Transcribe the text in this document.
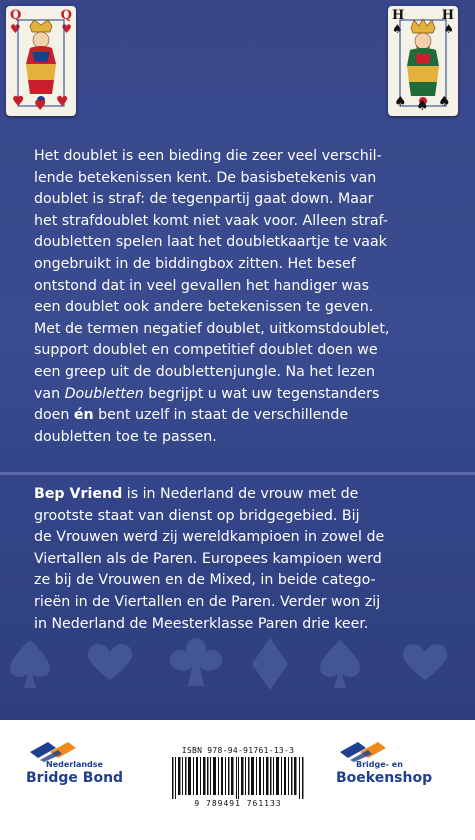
Q
♥
Q
♥
♥ ♥ ♥
H
♠
H
♠
♠ ♠ ♠
Het doublet is een bieding die zeer veel verschil-
lende betekenissen kent. De basisbetekenis van
doublet is straf: de tegenpartij gaat down. Maar
het strafdoublet komt niet vaak voor. Alleen straf-
doubletten spelen laat het doubletkaartje te vaak
ongebruikt in de biddingbox zitten. Het besef
ontstond dat in veel gevallen het handiger was
een doublet ook andere betekenissen te geven.
Met de termen negatief doublet, uitkomstdoublet,
support doublet en competitief doublet doen we
een greep uit de doublettenjungle. Na het lezen
van Doubletten begrijpt u wat uw tegenstanders
doen én bent uzelf in staat de verschillende
doubletten toe te passen.
Bep Vriend is in Nederland de vrouw met de
grootste staat van dienst op bridgegebied. Bij
de Vrouwen werd zij wereldkampioen in zowel de
Viertallen als de Paren. Europees kampioen werd
ze bij de Vrouwen en de Mixed, in beide catego-
rieën in de Viertallen en de Paren. Verder won zij
in Nederland de Meesterklasse Paren drie keer.
Nederlandse
Bridge Bond
ISBN 978-94-91761-13-3
9 789491 761133
Bridge- en
Boekenshop
